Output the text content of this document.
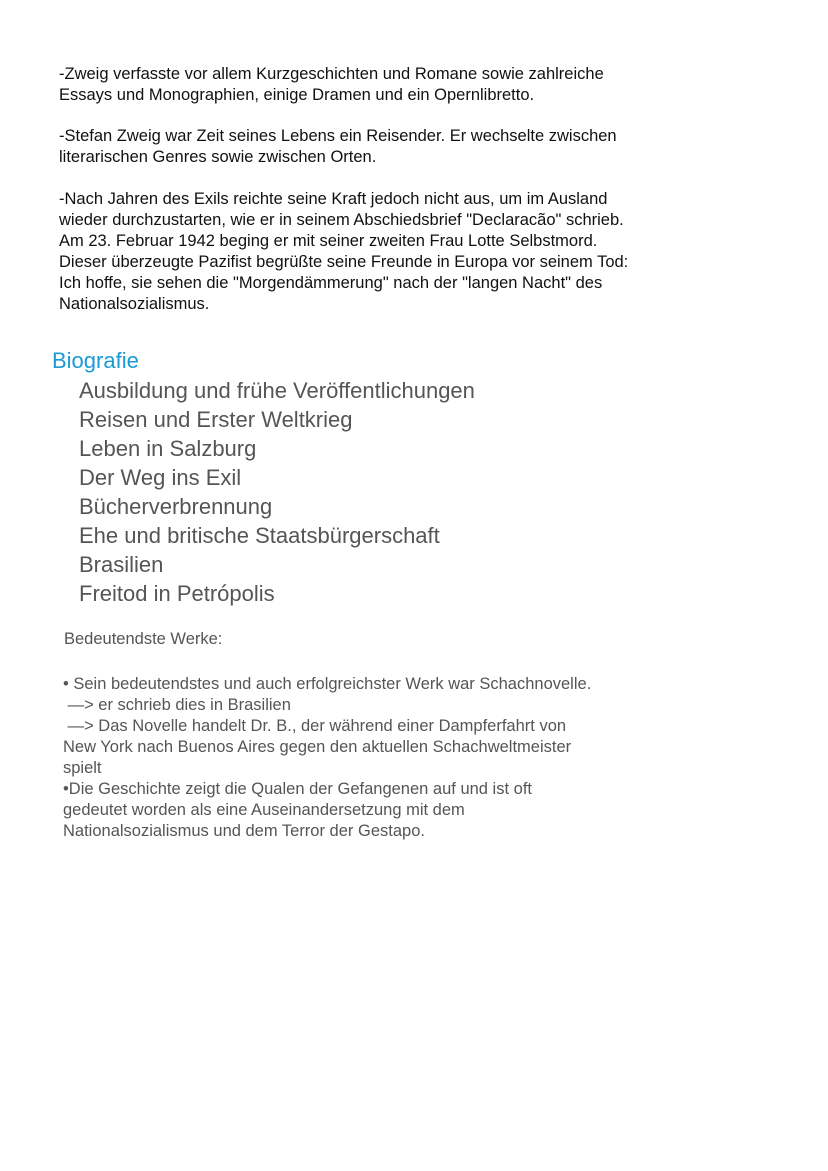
-Zweig verfasste vor allem Kurzgeschichten und Romane sowie zahlreiche
Essays und Monographien, einige Dramen und ein Opernlibretto.
-Stefan Zweig war Zeit seines Lebens ein Reisender. Er wechselte zwischen
literarischen Genres sowie zwischen Orten.
-Nach Jahren des Exils reichte seine Kraft jedoch nicht aus, um im Ausland
wieder durchzustarten, wie er in seinem Abschiedsbrief "Declaracão" schrieb.
Am 23. Februar 1942 beging er mit seiner zweiten Frau Lotte Selbstmord.
Dieser überzeugte Pazifist begrüßte seine Freunde in Europa vor seinem Tod:
Ich hoffe, sie sehen die "Morgendämmerung" nach der "langen Nacht" des
Nationalsozialismus.
Biografie
Ausbildung und frühe Veröffentlichungen
Reisen und Erster Weltkrieg
Leben in Salzburg
Der Weg ins Exil
Bücherverbrennung
Ehe und britische Staatsbürgerschaft
Brasilien
Freitod in Petrópolis
Bedeutendste Werke:
• Sein bedeutendstes und auch erfolgreichster Werk war Schachnovelle.
—> er schrieb dies in Brasilien
—> Das Novelle handelt Dr. B., der während einer Dampferfahrt von
New York nach Buenos Aires gegen den aktuellen Schachweltmeister
spielt
•Die Geschichte zeigt die Qualen der Gefangenen auf und ist oft
gedeutet worden als eine Auseinandersetzung mit dem
Nationalsozialismus und dem Terror der Gestapo.
